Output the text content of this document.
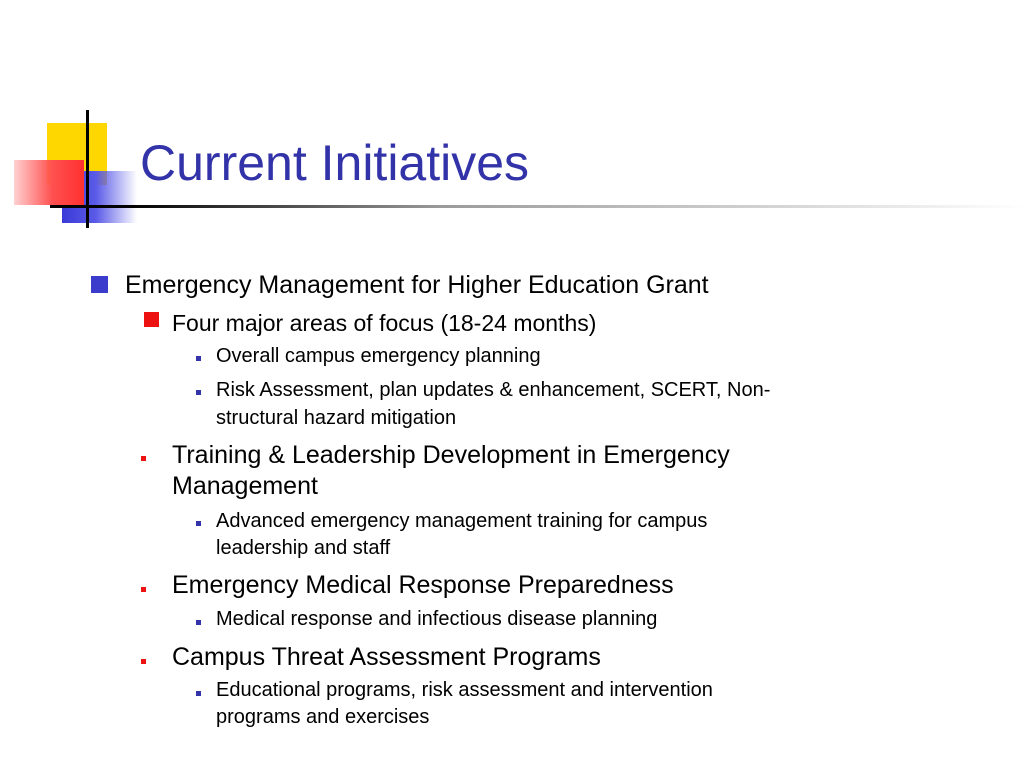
Current Initiatives
Emergency Management for Higher Education Grant
Four major areas of focus (18-24 months)
Overall campus emergency planning
Risk Assessment, plan updates & enhancement, SCERT, Non-
structural hazard mitigation
Training & Leadership Development in Emergency
Management
Advanced emergency management training for campus
leadership and staff
Emergency Medical Response Preparedness
Medical response and infectious disease planning
Campus Threat Assessment Programs
Educational programs, risk assessment and intervention
programs and exercises
